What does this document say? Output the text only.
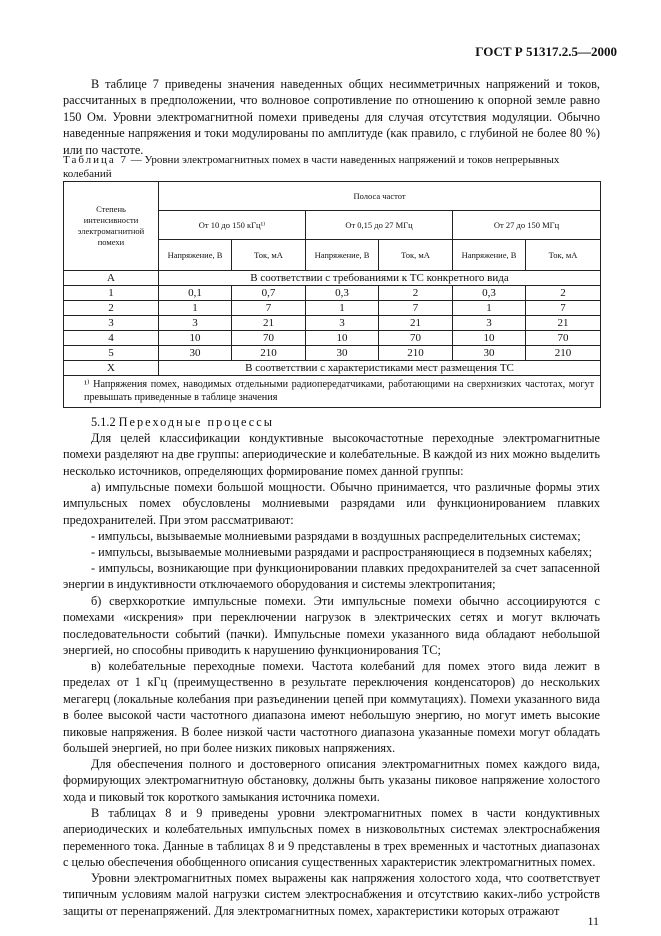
ГОСТ Р 51317.2.5—2000

В таблице 7 приведены значения наведенных общих несимметричных напряжений и токов, рассчитанных в предположении, что волновое сопротивление по отношению к опорной земле равно 150 Ом. Уровни электромагнитной помехи приведены для случая отсутствия модуляции. Обычно наведенные напряжения и токи модулированы по амплитуде (как правило, с глубиной не более 80 %) или по частоте.

Таблица 7 — Уровни электромагнитных помех в части наведенных напряжений и токов непрерывных колебаний
Степень интенсивности электромагнитной помехи	Полоса частот					
	От 10 до 150 кГц¹⁾		От 0,15 до 27 МГц		От 27 до 150 МГц	
	Напряжение, В	Ток, мА	Напряжение, В	Ток, мА	Напряжение, В	Ток, мА
А	В соответствии с требованиями к ТС конкретного вида					
1	0,1	0,7	0,3	2	0,3	2
2	1	7	1	7	1	7
3	3	21	3	21	3	21
4	10	70	10	70	10	70
5	30	210	30	210	30	210
Х	В соответствии с характеристиками мест размещения ТС					
¹⁾ Напряжения помех, наводимых отдельными радиопередатчиками, работающими на сверхнизких частотах, могут превышать приведенные в таблице значения						
5.1.2 Переходные процессы

Для целей классификации кондуктивные высокочастотные переходные электромагнитные помехи разделяют на две группы: апериодические и колебательные. В каждой из них можно выделить несколько источников, определяющих формирование помех данной группы:

а) импульсные помехи большой мощности. Обычно принимается, что различные формы этих импульсных помех обусловлены молниевыми разрядами или функционированием плавких предохранителей. При этом рассматривают:

- импульсы, вызываемые молниевыми разрядами в воздушных распределительных системах;

- импульсы, вызываемые молниевыми разрядами и распространяющиеся в подземных кабелях;

- импульсы, возникающие при функционировании плавких предохранителей за счет запасенной энергии в индуктивности отключаемого оборудования и системы электропитания;

б) сверхкороткие импульсные помехи. Эти импульсные помехи обычно ассоциируются с помехами «искрения» при переключении нагрузок в электрических сетях и могут включать последовательности событий (пачки). Импульсные помехи указанного вида обладают небольшой энергией, но способны приводить к нарушению функционирования ТС;

в) колебательные переходные помехи. Частота колебаний для помех этого вида лежит в пределах от 1 кГц (преимущественно в результате переключения конденсаторов) до нескольких мегагерц (локальные колебания при разъединении цепей при коммутациях). Помехи указанного вида в более высокой части частотного диапазона имеют небольшую энергию, но могут иметь высокие пиковые напряжения. В более низкой части частотного диапазона указанные помехи могут обладать большей энергией, но при более низких пиковых напряжениях.

Для обеспечения полного и достоверного описания электромагнитных помех каждого вида, формирующих электромагнитную обстановку, должны быть указаны пиковое напряжение холостого хода и пиковый ток короткого замыкания источника помехи.

В таблицах 8 и 9 приведены уровни электромагнитных помех в части кондуктивных апериодических и колебательных импульсных помех в низковольтных системах электроснабжения переменного тока. Данные в таблицах 8 и 9 представлены в трех временных и частотных диапазонах с целью обеспечения обобщенного описания существенных характеристик электромагнитных помех.

Уровни электромагнитных помех выражены как напряжения холостого хода, что соответствует типичным условиям малой нагрузки систем электроснабжения и отсутствию каких-либо устройств защиты от перенапряжений. Для электромагнитных помех, характеристики которых отражают

11
